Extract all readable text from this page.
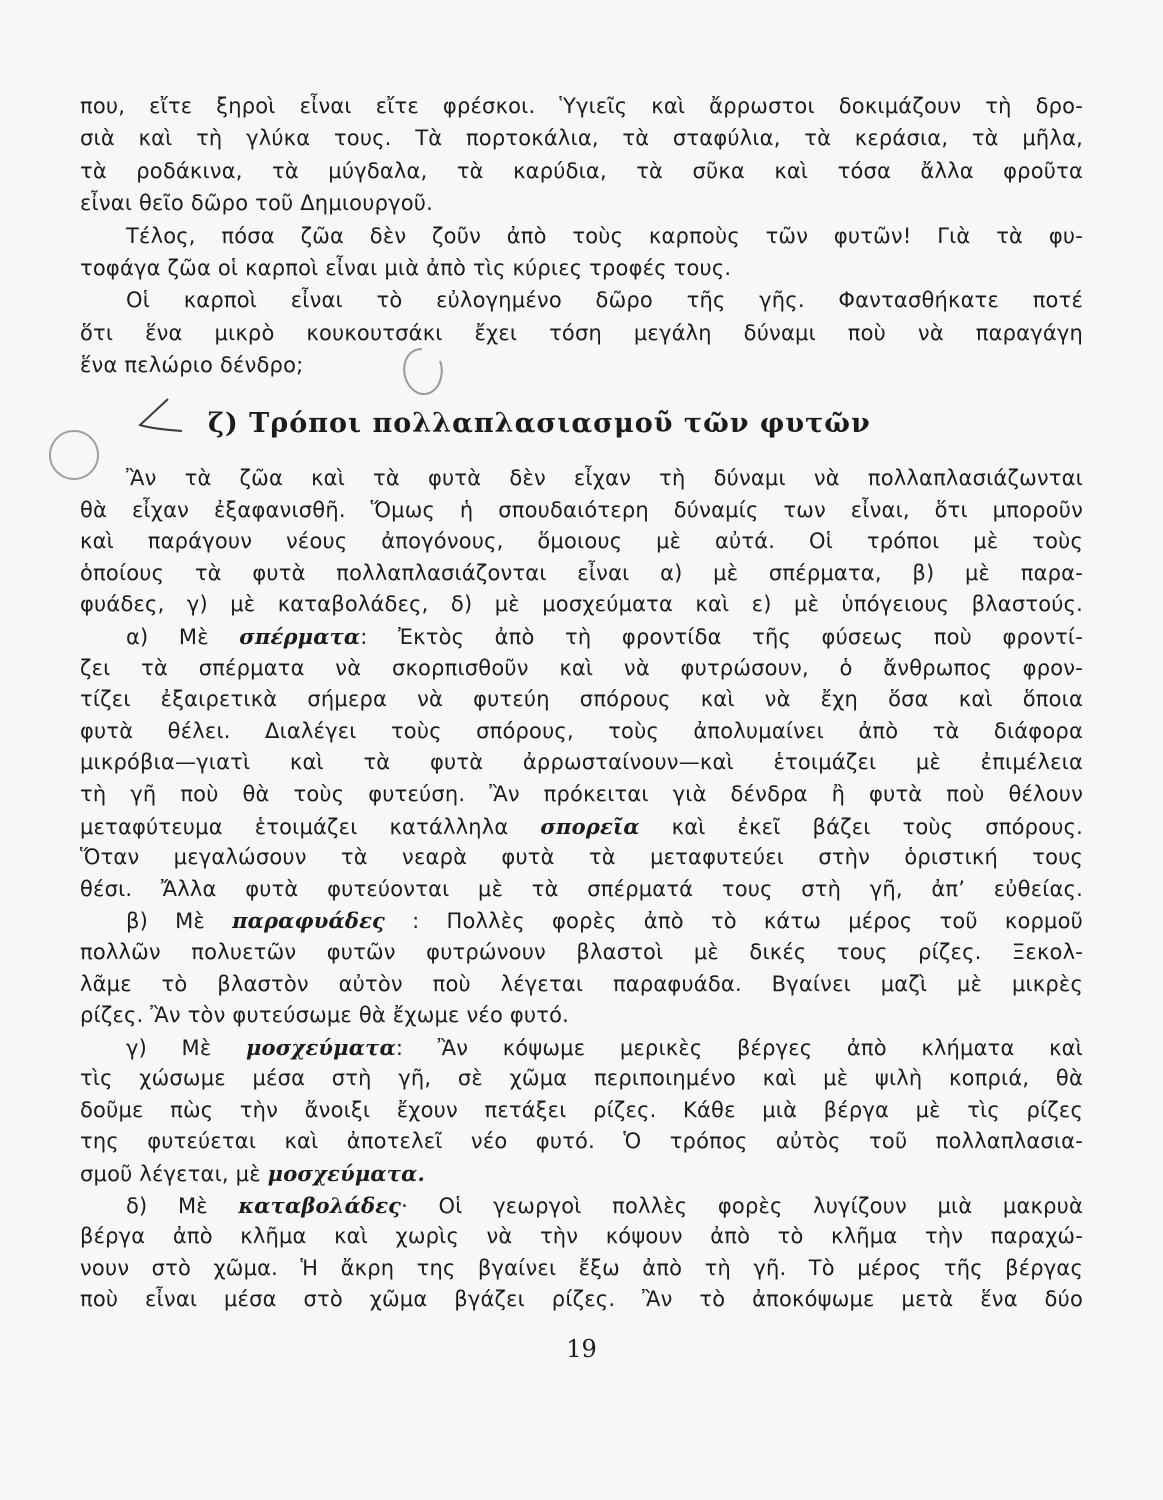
που, εἴτε ξηροὶ εἶναι εἴτε φρέσκοι. Ὑγιεῖς καὶ ἄρρωστοι δοκιμάζουν τὴ δρο-
σιὰ καὶ τὴ γλύκα τους. Τὰ πορτοκάλια, τὰ σταφύλια, τὰ κεράσια, τὰ μῆλα,
τὰ ροδάκινα, τὰ μύγδαλα, τὰ καρύδια, τὰ σῦκα καὶ τόσα ἄλλα φροῦτα
εἶναι θεῖο δῶρο τοῦ Δημιουργοῦ.
Τέλος, πόσα ζῶα δὲν ζοῦν ἀπὸ τοὺς καρποὺς τῶν φυτῶν! Γιὰ τὰ φυ-
τοφάγα ζῶα οἱ καρποὶ εἶναι μιὰ ἀπὸ τὶς κύριες τροφές τους.
Οἱ καρποὶ εἶναι τὸ εὐλογημένο δῶρο τῆς γῆς. Φαντασθήκατε ποτέ
ὅτι ἕνα μικρὸ κουκουτσάκι ἔχει τόση μεγάλη δύναμι ποὺ νὰ παραγάγη
ἕνα πελώριο δένδρο;
ζ) Τρόποι πολλαπλασιασμοῦ τῶν φυτῶν
Ἂν τὰ ζῶα καὶ τὰ φυτὰ δὲν εἶχαν τὴ δύναμι νὰ πολλαπλασιάζωνται
θὰ εἶχαν ἐξαφανισθῆ. Ὅμως ἡ σπουδαιότερη δύναμίς των εἶναι, ὅτι μποροῦν
καὶ παράγουν νέους ἀπογόνους, ὅμοιους μὲ αὐτά. Οἱ τρόποι μὲ τοὺς
ὁποίους τὰ φυτὰ πολλαπλασιάζονται εἶναι α) μὲ σπέρματα, β) μὲ παρα-
φυάδες, γ) μὲ καταβολάδες, δ) μὲ μοσχεύματα καὶ ε) μὲ ὑπόγειους βλαστούς.
α) Μὲ σπέρματα: Ἐκτὸς ἀπὸ τὴ φροντίδα τῆς φύσεως ποὺ φροντί-
ζει τὰ σπέρματα νὰ σκορπισθοῦν καὶ νὰ φυτρώσουν, ὁ ἄνθρωπος φρον-
τίζει ἐξαιρετικὰ σήμερα νὰ φυτεύη σπόρους καὶ νὰ ἔχη ὅσα καὶ ὅποια
φυτὰ θέλει. Διαλέγει τοὺς σπόρους, τοὺς ἀπολυμαίνει ἀπὸ τὰ διάφορα
μικρόβια—γιατὶ καὶ τὰ φυτὰ ἀρρωσταίνουν—καὶ ἑτοιμάζει μὲ ἐπιμέλεια
τὴ γῆ ποὺ θὰ τοὺς φυτεύση. Ἂν πρόκειται γιὰ δένδρα ἢ φυτὰ ποὺ θέλουν
μεταφύτευμα ἑτοιμάζει κατάλληλα σπορεῖα καὶ ἐκεῖ βάζει τοὺς σπόρους.
Ὅταν μεγαλώσουν τὰ νεαρὰ φυτὰ τὰ μεταφυτεύει στὴν ὁριστική τους
θέσι. Ἄλλα φυτὰ φυτεύονται μὲ τὰ σπέρματά τους στὴ γῆ, ἀπ’ εὐθείας.
β) Μὲ παραφυάδες : Πολλὲς φορὲς ἀπὸ τὸ κάτω μέρος τοῦ κορμοῦ
πολλῶν πολυετῶν φυτῶν φυτρώνουν βλαστοὶ μὲ δικές τους ρίζες. Ξεκολ-
λᾶμε τὸ βλαστὸν αὐτὸν ποὺ λέγεται παραφυάδα. Βγαίνει μαζὶ μὲ μικρὲς
ρίζες. Ἂν τὸν φυτεύσωμε θὰ ἔχωμε νέο φυτό.
γ) Μὲ μοσχεύματα: Ἂν κόψωμε μερικὲς βέργες ἀπὸ κλήματα καὶ
τὶς χώσωμε μέσα στὴ γῆ, σὲ χῶμα περιποιημένο καὶ μὲ ψιλὴ κοπριά, θὰ
δοῦμε πὼς τὴν ἄνοιξι ἔχουν πετάξει ρίζες. Κάθε μιὰ βέργα μὲ τὶς ρίζες
της φυτεύεται καὶ ἀποτελεῖ νέο φυτό. Ὁ τρόπος αὐτὸς τοῦ πολλαπλασια-
σμοῦ λέγεται, μὲ μοσχεύματα.
δ) Μὲ καταβολάδες· Οἱ γεωργοὶ πολλὲς φορὲς λυγίζουν μιὰ μακρυὰ
βέργα ἀπὸ κλῆμα καὶ χωρὶς νὰ τὴν κόψουν ἀπὸ τὸ κλῆμα τὴν παραχώ-
νουν στὸ χῶμα. Ἡ ἄκρη της βγαίνει ἔξω ἀπὸ τὴ γῆ. Τὸ μέρος τῆς βέργας
ποὺ εἶναι μέσα στὸ χῶμα βγάζει ρίζες. Ἂν τὸ ἀποκόψωμε μετὰ ἕνα δύο
19
